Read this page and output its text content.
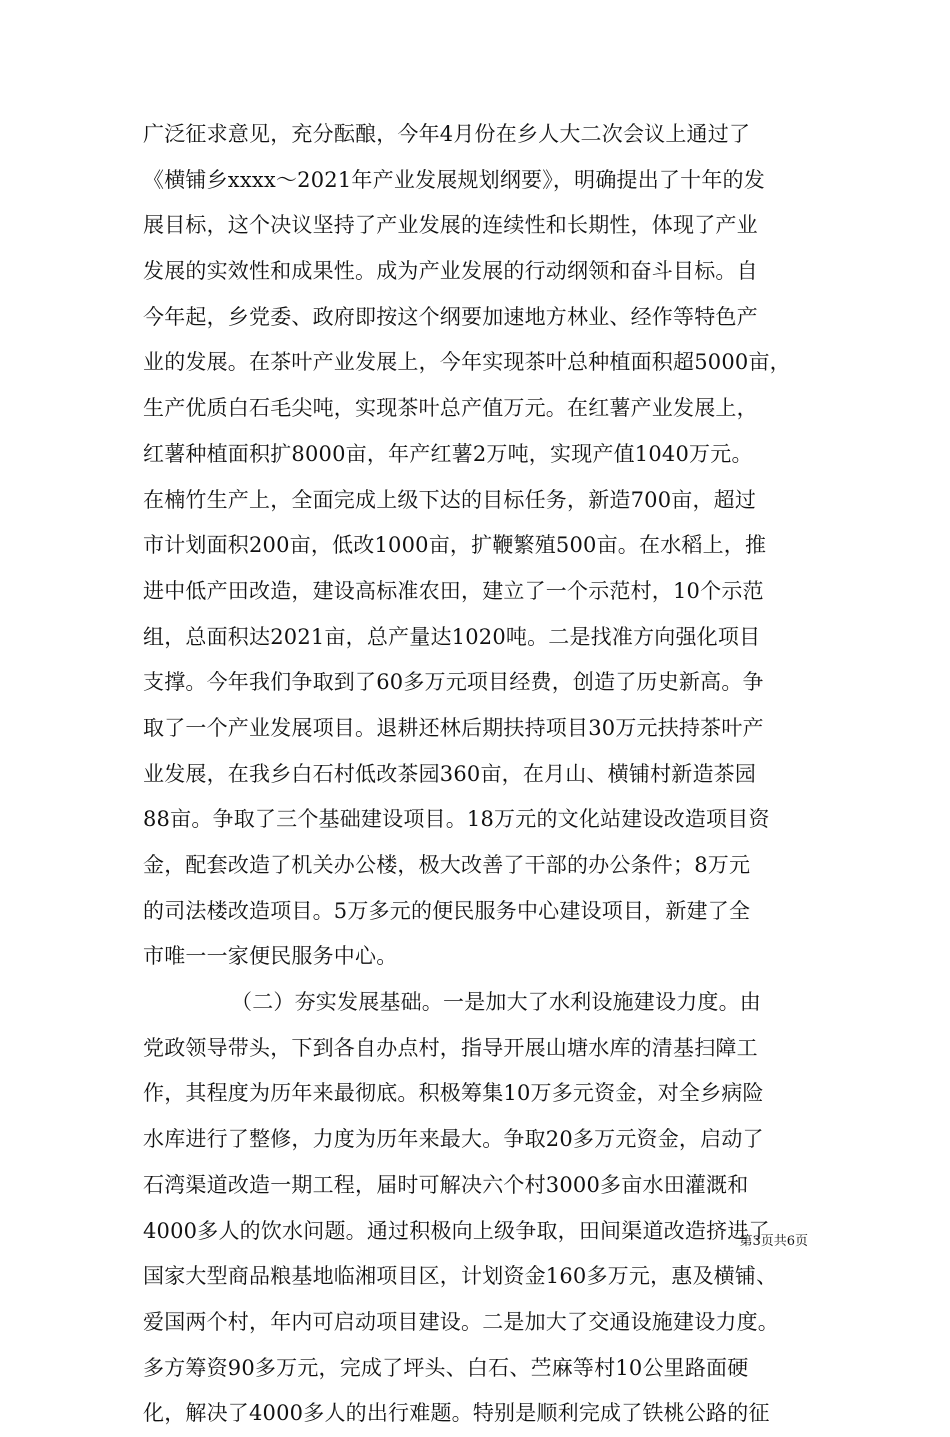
广泛征求意见，充分酝酿，今年4月份在乡人大二次会议上通过了
《横铺乡xxxx～2021年产业发展规划纲要》，明确提出了十年的发
展目标，这个决议坚持了产业发展的连续性和长期性，体现了产业
发展的实效性和成果性。成为产业发展的行动纲领和奋斗目标。自
今年起，乡党委、政府即按这个纲要加速地方林业、经作等特色产
业的发展。在茶叶产业发展上，今年实现茶叶总种植面积超5000亩，
生产优质白石毛尖吨，实现茶叶总产值万元。在红薯产业发展上，
红薯种植面积扩8000亩，年产红薯2万吨，实现产值1040万元。
在楠竹生产上，全面完成上级下达的目标任务，新造700亩，超过
市计划面积200亩，低改1000亩，扩鞭繁殖500亩。在水稻上，推
进中低产田改造，建设高标准农田，建立了一个示范村，10个示范
组，总面积达2021亩，总产量达1020吨。二是找准方向强化项目
支撑。今年我们争取到了60多万元项目经费，创造了历史新高。争
取了一个产业发展项目。退耕还林后期扶持项目30万元扶持茶叶产
业发展，在我乡白石村低改茶园360亩，在月山、横铺村新造茶园
88亩。争取了三个基础建设项目。18万元的文化站建设改造项目资
金，配套改造了机关办公楼，极大改善了干部的办公条件；8万元
的司法楼改造项目。5万多元的便民服务中心建设项目，新建了全
市唯一一家便民服务中心。
（二）夯实发展基础。一是加大了水利设施建设力度。由
党政领导带头，下到各自办点村，指导开展山塘水库的清基扫障工
作，其程度为历年来最彻底。积极筹集10万多元资金，对全乡病险
水库进行了整修，力度为历年来最大。争取20多万元资金，启动了
石湾渠道改造一期工程，届时可解决六个村3000多亩水田灌溉和
4000多人的饮水问题。通过积极向上级争取，田间渠道改造挤进了
国家大型商品粮基地临湘项目区，计划资金160多万元，惠及横铺、
爱国两个村，年内可启动项目建设。二是加大了交通设施建设力度。
多方筹资90多万元，完成了坪头、白石、苎麻等村10公里路面硬
化，解决了4000多人的出行难题。特别是顺利完成了铁桃公路的征
第3页共6页
